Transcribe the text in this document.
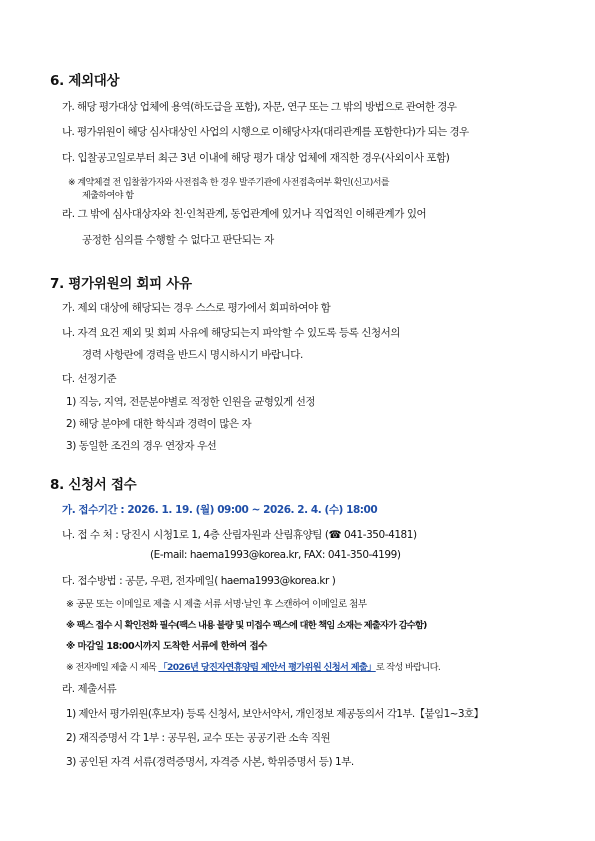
6. 제외대상
가. 해당 평가대상 업체에 용역(하도급을 포함), 자문, 연구 또는 그 밖의 방법으로 관여한 경우
나. 평가위원이 해당 심사대상인 사업의 시행으로 이해당사자(대리관계를 포함한다)가 되는 경우
다. 입찰공고일로부터 최근 3년 이내에 해당 평가 대상 업체에 재직한 경우(사외이사 포함)
※ 계약체결 전 입찰참가자와 사전접촉 한 경우 발주기관에 사전접촉여부 확인(신고)서를
제출하여야 함
라. 그 밖에 심사대상자와 친·인척관계, 동업관계에 있거나 직업적인 이해관계가 있어
공정한 심의를 수행할 수 없다고 판단되는 자
7. 평가위원의 회피 사유
가. 제외 대상에 해당되는 경우 스스로 평가에서 회피하여야 함
나. 자격 요건 제외 및 회피 사유에 해당되는지 파악할 수 있도록 등록 신청서의
경력 사항란에 경력을 반드시 명시하시기 바랍니다.
다. 선정기준
1) 직능, 지역, 전문분야별로 적정한 인원을 균형있게 선정
2) 해당 분야에 대한 학식과 경력이 많은 자
3) 동일한 조건의 경우 연장자 우선
8. 신청서 접수
가. 접수기간 : 2026. 1. 19. (월) 09:00 ~ 2026. 2. 4. (수) 18:00
나. 접 수 처 : 당진시 시청1로 1, 4층 산림자원과 산림휴양팀 (☎ 041-350-4181)
(E-mail: haema1993@korea.kr, FAX: 041-350-4199)
다. 접수방법 : 공문, 우편, 전자메일( haema1993@korea.kr )
※ 공문 또는 이메일로 제출 시 제출 서류 서명·날인 후 스캔하여 이메일로 첨부
※ 팩스 접수 시 확인전화 필수(팩스 내용 불량 및 미접수 팩스에 대한 책임 소재는 제출자가 감수함)
※ 마감일 18:00시까지 도착한 서류에 한하여 접수
※ 전자메일 제출 시 제목 「2026년 당진자연휴양림 제안서 평가위원 신청서 제출」로 작성 바랍니다.
라. 제출서류
1) 제안서 평가위원(후보자) 등록 신청서, 보안서약서, 개인정보 제공동의서 각1부.【붙임1~3호】
2) 재직증명서 각 1부 : 공무원, 교수 또는 공공기관 소속 직원
3) 공인된 자격 서류(경력증명서, 자격증 사본, 학위증명서 등) 1부.
